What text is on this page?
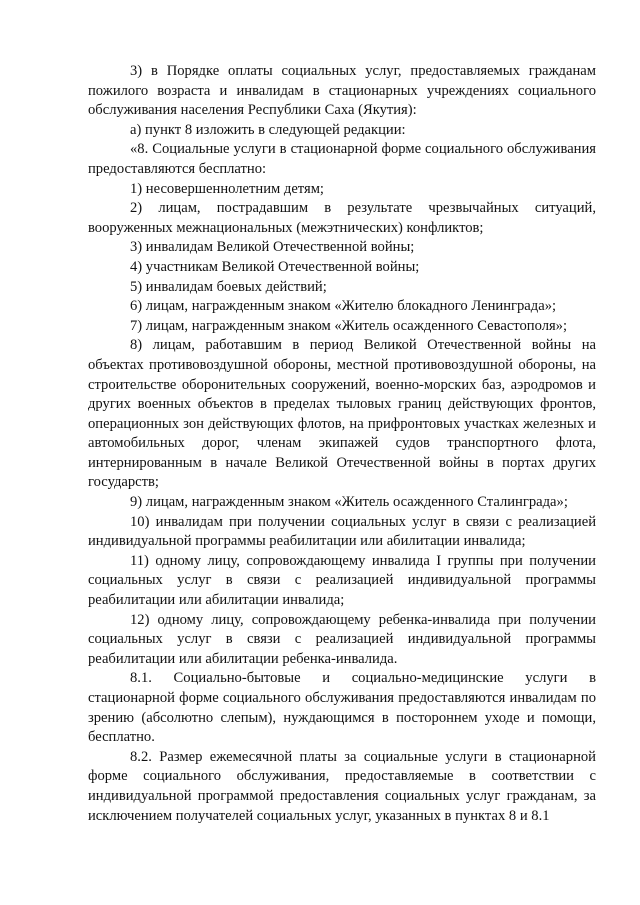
3) в Порядке оплаты социальных услуг, предоставляемых гражданам пожилого возраста и инвалидам в стационарных учреждениях социального обслуживания населения Республики Саха (Якутия):

а) пункт 8 изложить в следующей редакции:

«8. Социальные услуги в стационарной форме социального обслуживания предоставляются бесплатно:

1) несовершеннолетним детям;

2) лицам, пострадавшим в результате чрезвычайных ситуаций, вооруженных межнациональных (межэтнических) конфликтов;

3) инвалидам Великой Отечественной войны;

4) участникам Великой Отечественной войны;

5) инвалидам боевых действий;

6) лицам, награжденным знаком «Жителю блокадного Ленинграда»;

7) лицам, награжденным знаком «Житель осажденного Севастополя»;

8) лицам, работавшим в период Великой Отечественной войны на объектах противовоздушной обороны, местной противовоздушной обороны, на строительстве оборонительных сооружений, военно-морских баз, аэродромов и других военных объектов в пределах тыловых границ действующих фронтов, операционных зон действующих флотов, на прифронтовых участках железных и автомобильных дорог, членам экипажей судов транспортного флота, интернированным в начале Великой Отечественной войны в портах других государств;

9) лицам, награжденным знаком «Житель осажденного Сталинграда»;

10) инвалидам при получении социальных услуг в связи с реализацией индивидуальной программы реабилитации или абилитации инвалида;

11) одному лицу, сопровождающему инвалида I группы при получении социальных услуг в связи с реализацией индивидуальной программы реабилитации или абилитации инвалида;

12) одному лицу, сопровождающему ребенка-инвалида при получении социальных услуг в связи с реализацией индивидуальной программы реабилитации или абилитации ребенка-инвалида.

8.1. Социально-бытовые и социально-медицинские услуги в стационарной форме социального обслуживания предоставляются инвалидам по зрению (абсолютно слепым), нуждающимся в постороннем уходе и помощи, бесплатно.

8.2. Размер ежемесячной платы за социальные услуги в стационарной форме социального обслуживания, предоставляемые в соответствии с индивидуальной программой предоставления социальных услуг гражданам, за исключением получателей социальных услуг, указанных в пунктах 8 и 8.1
